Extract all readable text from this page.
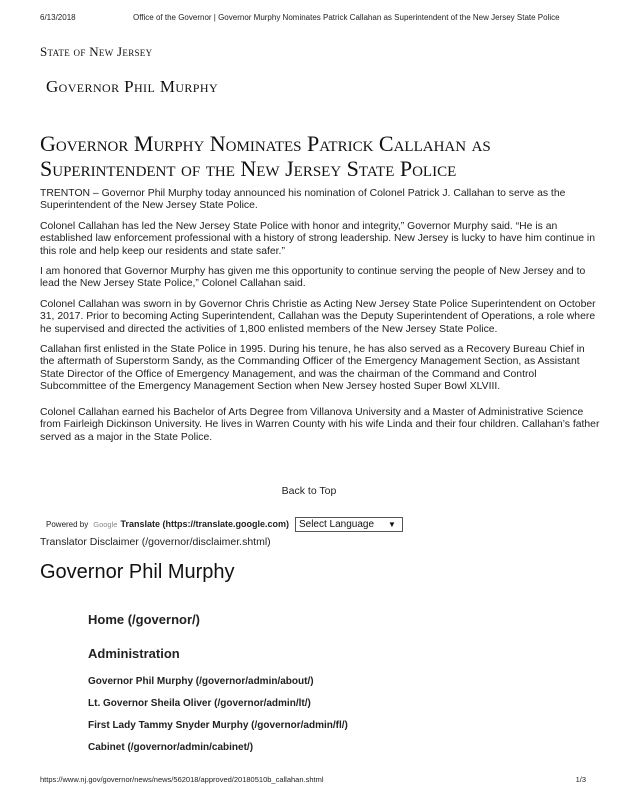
6/13/2018	Office of the Governor | Governor Murphy Nominates Patrick Callahan as Superintendent of the New Jersey State Police
State of New Jersey
Governor Phil Murphy
Governor Murphy Nominates Patrick Callahan as Superintendent of the New Jersey State Police

TRENTON – Governor Phil Murphy today announced his nomination of Colonel Patrick J. Callahan to serve as the Superintendent of the New Jersey State Police.

Colonel Callahan has led the New Jersey State Police with honor and integrity,” Governor Murphy said. “He is an established law enforcement professional with a history of strong leadership. New Jersey is lucky to have him continue in this role and help keep our residents and state safer.”

I am honored that Governor Murphy has given me this opportunity to continue serving the people of New Jersey and to lead the New Jersey State Police,” Colonel Callahan said.

Colonel Callahan was sworn in by Governor Chris Christie as Acting New Jersey State Police Superintendent on October 31, 2017. Prior to becoming Acting Superintendent, Callahan was the Deputy Superintendent of Operations, a role where he supervised and directed the activities of 1,800 enlisted members of the New Jersey State Police.

Callahan first enlisted in the State Police in 1995. During his tenure, he has also served as a Recovery Bureau Chief in the aftermath of Superstorm Sandy, as the Commanding Officer of the Emergency Management Section, as Assistant State Director of the Office of Emergency Management, and was the chairman of the Command and Control Subcommittee of the Emergency Management Section when New Jersey hosted Super Bowl XLVIII.

Colonel Callahan earned his Bachelor of Arts Degree from Villanova University and a Master of Administrative Science from Fairleigh Dickinson University. He lives in Warren County with his wife Linda and their four children. Callahan’s father served as a major in the State Police.

Back to Top
Powered by Google Translate (https://translate.google.com) Select Language ▼
Translator Disclaimer (/governor/disclaimer.shtml)
Governor Phil Murphy
Home (/governor/)
Administration
Governor Phil Murphy (/governor/admin/about/)
Lt. Governor Sheila Oliver (/governor/admin/lt/)
First Lady Tammy Snyder Murphy (/governor/admin/fl/)
Cabinet (/governor/admin/cabinet/)
https://www.nj.gov/governor/news/news/562018/approved/20180510b_callahan.shtml	1/3
